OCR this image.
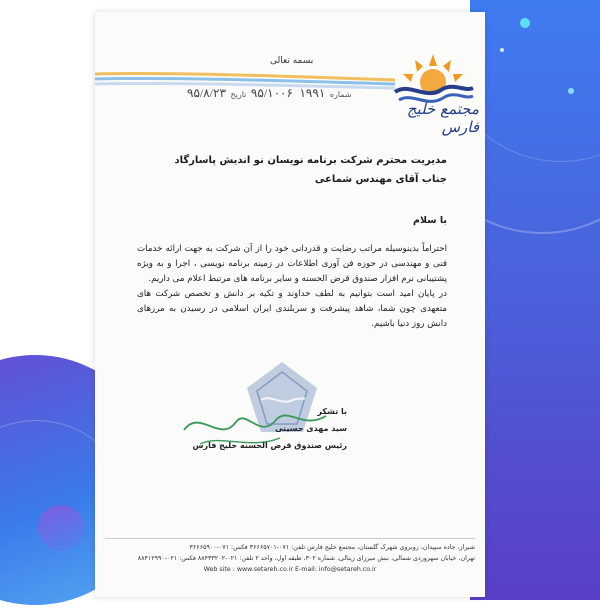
بسمه تعالی
شماره ۱۹۹۱ ۹۵/۱۰۰۶ تاریخ ۹۵/۸/۲۳
مجتمع خلیج فارس

مدیریت محترم شرکت برنامه نویسان نو اندیش پاسارگاد

جناب آقای مهندس شماعی

با سلام

احتراماً بدینوسیله مراتب رضایت و قدردانی خود را از آن شرکت به جهت ارائه خدمات فنی و مهندسی در حوزه فن آوری اطلاعات در زمینه برنامه نویسی ، اجرا و به ویژه پشتیبانی نرم افزار صندوق قرض الحسنه و سایر برنامه های مرتبط اعلام می داریم.

در پایان امید است بتوانیم به لطف خداوند و تکیه بر دانش و تخصص شرکت های متعهدی چون شما، شاهد پیشرفت و سربلندی ایران اسلامی در رسیدن به مرزهای دانش روز دنیا باشیم.

با تشکر
سید مهدی حسینی
رئیس صندوق قرض الحسنه خلیج فارس
شیراز، جاده سپیدان، روبروی شهرک گلستان، مجتمع خلیج فارس تلفن: ۰۷۱-۳۶۶۶۵۷۰۱ فکس: ۰۷۱-۳۶۶۶۵۹۰۰
تهران، خیابان سهروردی شمالی، نبش میرزای زینالی، شماره ۳۰۲، طبقه اول، واحد ۲ تلفن: ۰۲۱-۸۸۴۳۳۲۰۲ فکس: ۰۲۱-۸۸۴۱۲۹۹۰
Web site : www.setareh.co.ir E-mail: info@setareh.co.ir
